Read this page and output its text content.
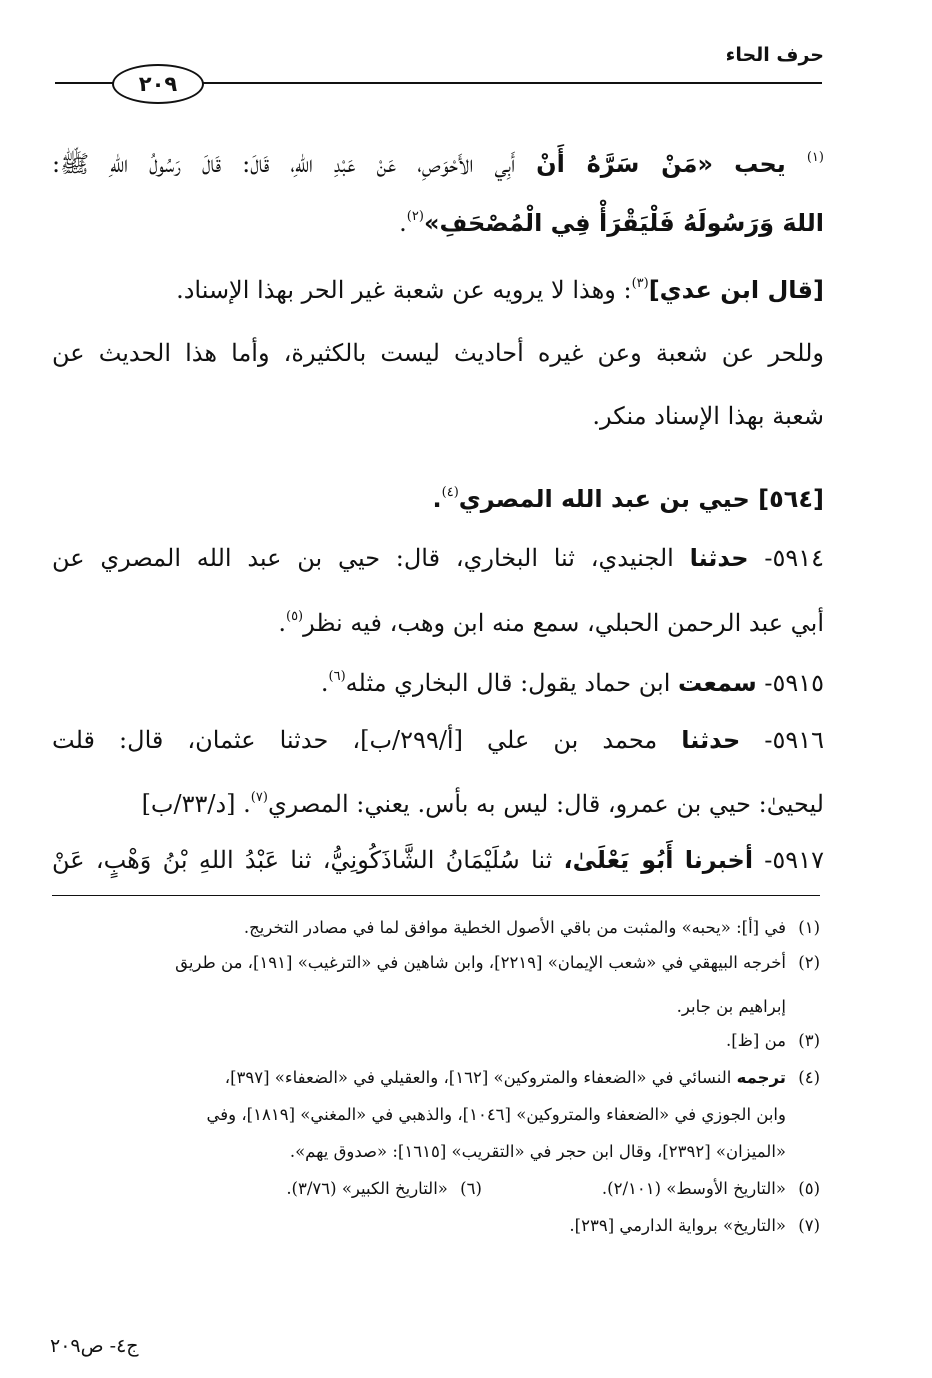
حرف الحاء
٢٠٩
$^{(١)}$ يحب «مَنْ سَرَّهُ أَنْ أَبِي الأَحْوَصِ، عَنْ عَبْدِ اللهِ، قَالَ: قَالَ رَسُولُ اللهِ ﷺ:
اللهَ وَرَسُولَهُ فَلْيَقْرَأْ فِي الْمُصْحَفِ»$^{(٢)}$.
[قال ابن عدي]$^{(٣)}$: وهذا لا يرويه عن شعبة غير الحر بهذا الإسناد.
وللحر عن شعبة وعن غيره أحاديث ليست بالكثيرة، وأما هذا الحديث عن
شعبة بهذا الإسناد منكر.
[٥٦٤] حيي بن عبد الله المصري$^{(٤)}$.
٥٩١٤- حدثنا الجنيدي، ثنا البخاري، قال: حيي بن عبد الله المصري عن
أبي عبد الرحمن الحبلي، سمع منه ابن وهب، فيه نظر$^{(٥)}$.
٥٩١٥- سمعت ابن حماد يقول: قال البخاري مثله$^{(٦)}$.
٥٩١٦- حدثنا محمد بن علي [أ/٢٩٩/ب]، حدثنا عثمان، قال: قلت
ليحيىٰ: حيي بن عمرو، قال: ليس به بأس. يعني: المصري$^{(٧)}$. [د/٣٣/ب]
٥٩١٧- أخبرنا أَبُو يَعْلَىٰ، ثنا سُلَيْمَانُ الشَّاذَكُونِيُّ، ثنا عَبْدُ اللهِ بْنُ وَهْبٍ، عَنْ
(١)في [أ]: «يحبه» والمثبت من باقي الأصول الخطية موافق لما في مصادر التخريج.
(٢)أخرجه البيهقي في «شعب الإيمان» [٢٢١٩]، وابن شاهين في «الترغيب» [١٩١]، من طريق
إبراهيم بن جابر.
(٣)من [ظ].
(٤)ترجمه النسائي في «الضعفاء والمتروكين» [١٦٢]، والعقيلي في «الضعفاء» [٣٩٧]،
وابن الجوزي في «الضعفاء والمتروكين» [١٠٤٦]، والذهبي في «المغني» [١٨١٩]، وفي
«الميزان» [٢٣٩٢]، وقال ابن حجر في «التقريب» [١٦١٥]: «صدوق يهم».
(٥)«التاريخ الأوسط» (٢/١٠١).(٦)«التاريخ الكبير» (٣/٧٦).
(٧)«التاريخ» برواية الدارمي [٢٣٩].
ج٤- ص٢٠٩
